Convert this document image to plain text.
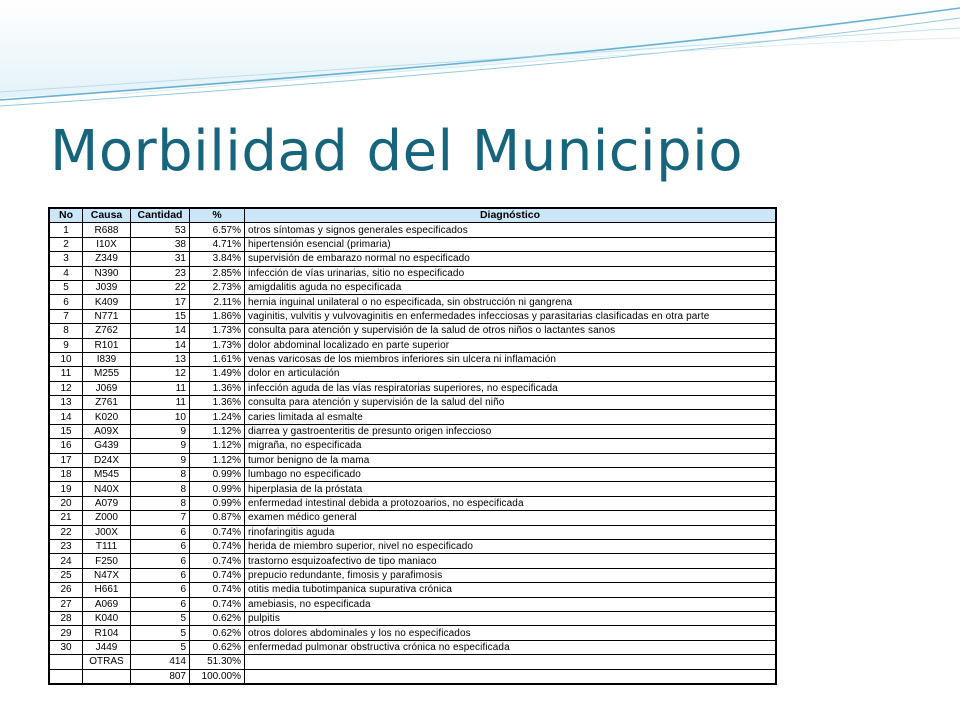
Morbilidad del Municipio
No	Causa	Cantidad	%	Diagnóstico
1	R688	53	6.57%	otros síntomas y signos generales especificados
2	I10X	38	4.71%	hipertensión esencial (primaria)
3	Z349	31	3.84%	supervisión de embarazo normal no especificado
4	N390	23	2.85%	infección de vías urinarias, sitio no especificado
5	J039	22	2.73%	amigdalitis aguda no especificada
6	K409	17	2.11%	hernia inguinal unilateral o no especificada, sin obstrucción ni gangrena
7	N771	15	1.86%	vaginitis, vulvitis y vulvovaginitis en enfermedades infecciosas y parasitarias clasificadas en otra parte
8	Z762	14	1.73%	consulta para atención y supervisión de la salud de otros niños o lactantes sanos
9	R101	14	1.73%	dolor abdominal localizado en parte superior
10	I839	13	1.61%	venas varicosas de los miembros inferiores sin ulcera ni inflamación
11	M255	12	1.49%	dolor en articulación
12	J069	11	1.36%	infección aguda de las vías respiratorias superiores, no especificada
13	Z761	11	1.36%	consulta para atención y supervisión de la salud del niño
14	K020	10	1.24%	caries limitada al esmalte
15	A09X	9	1.12%	diarrea y gastroenteritis de presunto origen infeccioso
16	G439	9	1.12%	migraña, no especificada
17	D24X	9	1.12%	tumor benigno de la mama
18	M545	8	0.99%	lumbago no especificado
19	N40X	8	0.99%	hiperplasia de la próstata
20	A079	8	0.99%	enfermedad intestinal debida a protozoarios, no especificada
21	Z000	7	0.87%	examen médico general
22	J00X	6	0.74%	rinofaringitis aguda
23	T111	6	0.74%	herida de miembro superior, nivel no especificado
24	F250	6	0.74%	trastorno esquizoafectivo de tipo maniaco
25	N47X	6	0.74%	prepucio redundante, fimosis y parafimosis
26	H661	6	0.74%	otitis media tubotimpanica supurativa crónica
27	A069	6	0.74%	amebiasis, no especificada
28	K040	5	0.62%	pulpitis
29	R104	5	0.62%	otros dolores abdominales y los no especificados
30	J449	5	0.62%	enfermedad pulmonar obstructiva crónica no especificada
	OTRAS	414	51.30%	
		807	100.00%	
